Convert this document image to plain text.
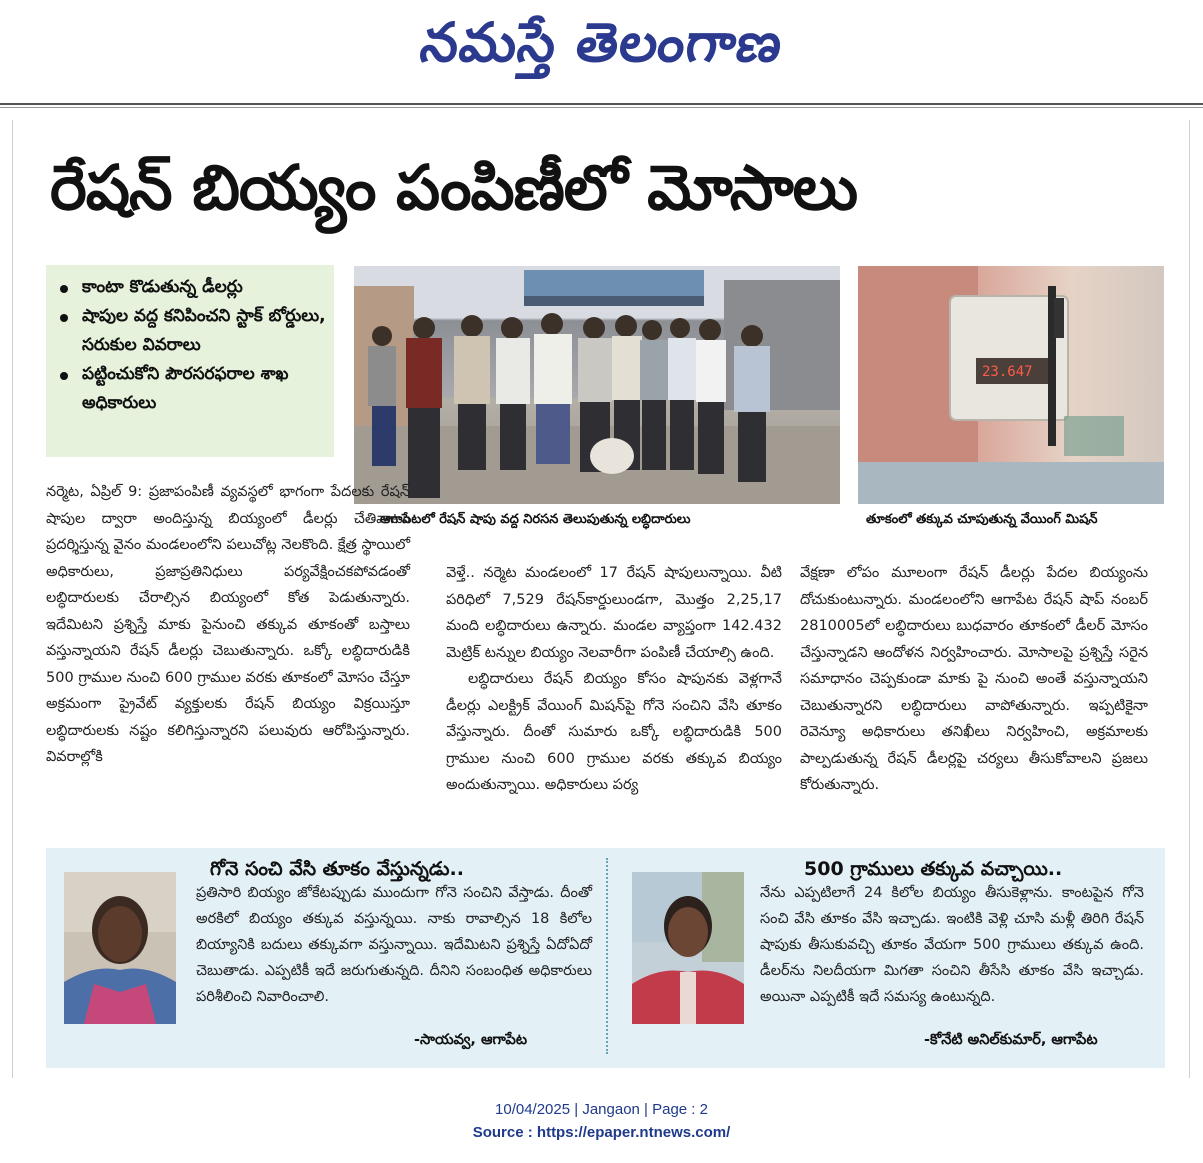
నమస్తే తెలంగాణ
రేషన్ బియ్యం పంపిణీలో మోసాలు
కాంటా కొడుతున్న డీలర్లు
షాపుల వద్ద కనిపించని స్టాక్ బోర్డులు, సరుకుల వివరాలు
పట్టించుకోని పౌరసరఫరాల శాఖ అధికారులు
ఆగాపేటలో రేషన్ షాపు వద్ద నిరసన తెలుపుతున్న లబ్ధిదారులు
23.647
తూకంలో తక్కువ చూపుతున్న వేయింగ్ మిషన్

నర్మెట, ఏప్రిల్ 9: ప్రజాపంపిణీ వ్యవస్థలో భాగంగా పేదలకు రేషన్ షాపుల ద్వారా అందిస్తున్న బియ్యంలో డీలర్లు చేతివాటం ప్రదర్శిస్తున్న వైనం మండలంలోని పలుచోట్ల నెలకొంది. క్షేత్ర స్థాయిలో అధికారులు, ప్రజాప్రతినిధులు పర్యవేక్షించకపోవడంతో లబ్ధిదారులకు చేరాల్సిన బియ్యంలో కోత పెడుతున్నారు. ఇదేమిటని ప్రశ్నిస్తే మాకు పైనుంచి తక్కువ తూకంతో బస్తాలు వస్తున్నాయని రేషన్ డీలర్లు చెబుతున్నారు. ఒక్కో లబ్ధిదారుడికి 500 గ్రాముల నుంచి 600 గ్రాముల వరకు తూకంలో మోసం చేస్తూ అక్రమంగా ప్రైవేట్ వ్యక్తులకు రేషన్ బియ్యం విక్రయిస్తూ లబ్ధిదారులకు నష్టం కలిగిస్తున్నారని పలువురు ఆరోపిస్తున్నారు. వివరాల్లోకి

వెళ్తే.. నర్మెట మండలంలో 17 రేషన్ షాపులున్నాయి. వీటి పరిధిలో 7,529 రేషన్‌కార్డులుండగా, మొత్తం 2,25,17 మంది లబ్ధిదారులు ఉన్నారు. మండల వ్యాప్తంగా 142.432 మెట్రిక్ టన్నుల బియ్యం నెలవారీగా పంపిణీ చేయాల్సి ఉంది.

లబ్ధిదారులు రేషన్ బియ్యం కోసం షాపునకు వెళ్లగానే డీలర్లు ఎలక్ట్రిక్ వేయింగ్ మిషన్‌పై గోనె సంచిని వేసి తూకం వేస్తున్నారు. దీంతో సుమారు ఒక్కో లబ్ధిదారుడికి 500 గ్రాముల నుంచి 600 గ్రాముల వరకు తక్కువ బియ్యం అందుతున్నాయి. అధికారులు పర్య

వేక్షణా లోపం మూలంగా రేషన్ డీలర్లు పేదల బియ్యంను దోచుకుంటున్నారు. మండలంలోని ఆగాపేట రేషన్ షాప్ నంబర్ 2810005లో లబ్ధిదారులు బుధవారం తూకంలో డీలర్ మోసం చేస్తున్నాడని ఆందోళన నిర్వహించారు. మోసాలపై ప్రశ్నిస్తే సరైన సమాధానం చెప్పకుండా మాకు పై నుంచి అంతే వస్తున్నాయని చెబుతున్నారని లబ్ధిదారులు వాపోతున్నారు. ఇప్పటికైనా రెవెన్యూ అధికారులు తనిఖీలు నిర్వహించి, అక్రమాలకు పాల్పడుతున్న రేషన్ డీలర్లపై చర్యలు తీసుకోవాలని ప్రజలు కోరుతున్నారు.

గోనె సంచి వేసి తూకం వేస్తున్నడు..
ప్రతిసారి బియ్యం జోకేటప్పుడు ముందుగా గోనె సంచిని వేస్తాడు. దీంతో అరకిలో బియ్యం తక్కువ వస్తున్నయి. నాకు రావాల్సిన 18 కిలోల బియ్యానికి బదులు తక్కువగా వస్తున్నాయి. ఇదేమిటని ప్రశ్నిస్తే ఏదోఏదో చెబుతాడు. ఎప్పటికీ ఇదే జరుగుతున్నది. దీనిని సంబంధిత అధికారులు పరిశీలించి నివారించాలి.
-సాయవ్వ, ఆగాపేట
500 గ్రాములు తక్కువ వచ్చాయి..
నేను ఎప్పటిలాగే 24 కిలోల బియ్యం తీసుకెళ్లాను. కాంటపైన గోనె సంచి వేసి తూకం వేసి ఇచ్చాడు. ఇంటికి వెళ్లి చూసి మళ్లీ తిరిగి రేషన్ షాపుకు తీసుకువచ్చి తూకం వేయగా 500 గ్రాములు తక్కువ ఉంది. డీలర్‌ను నిలదీయగా మిగతా సంచిని తీసేసి తూకం వేసి ఇచ్చాడు. అయినా ఎప్పటికీ ఇదే సమస్య ఉంటున్నది.
-కోనేటి అనిల్‌కుమార్, ఆగాపేట
10/04/2025 | Jangaon | Page : 2
Source : https://epaper.ntnews.com/
